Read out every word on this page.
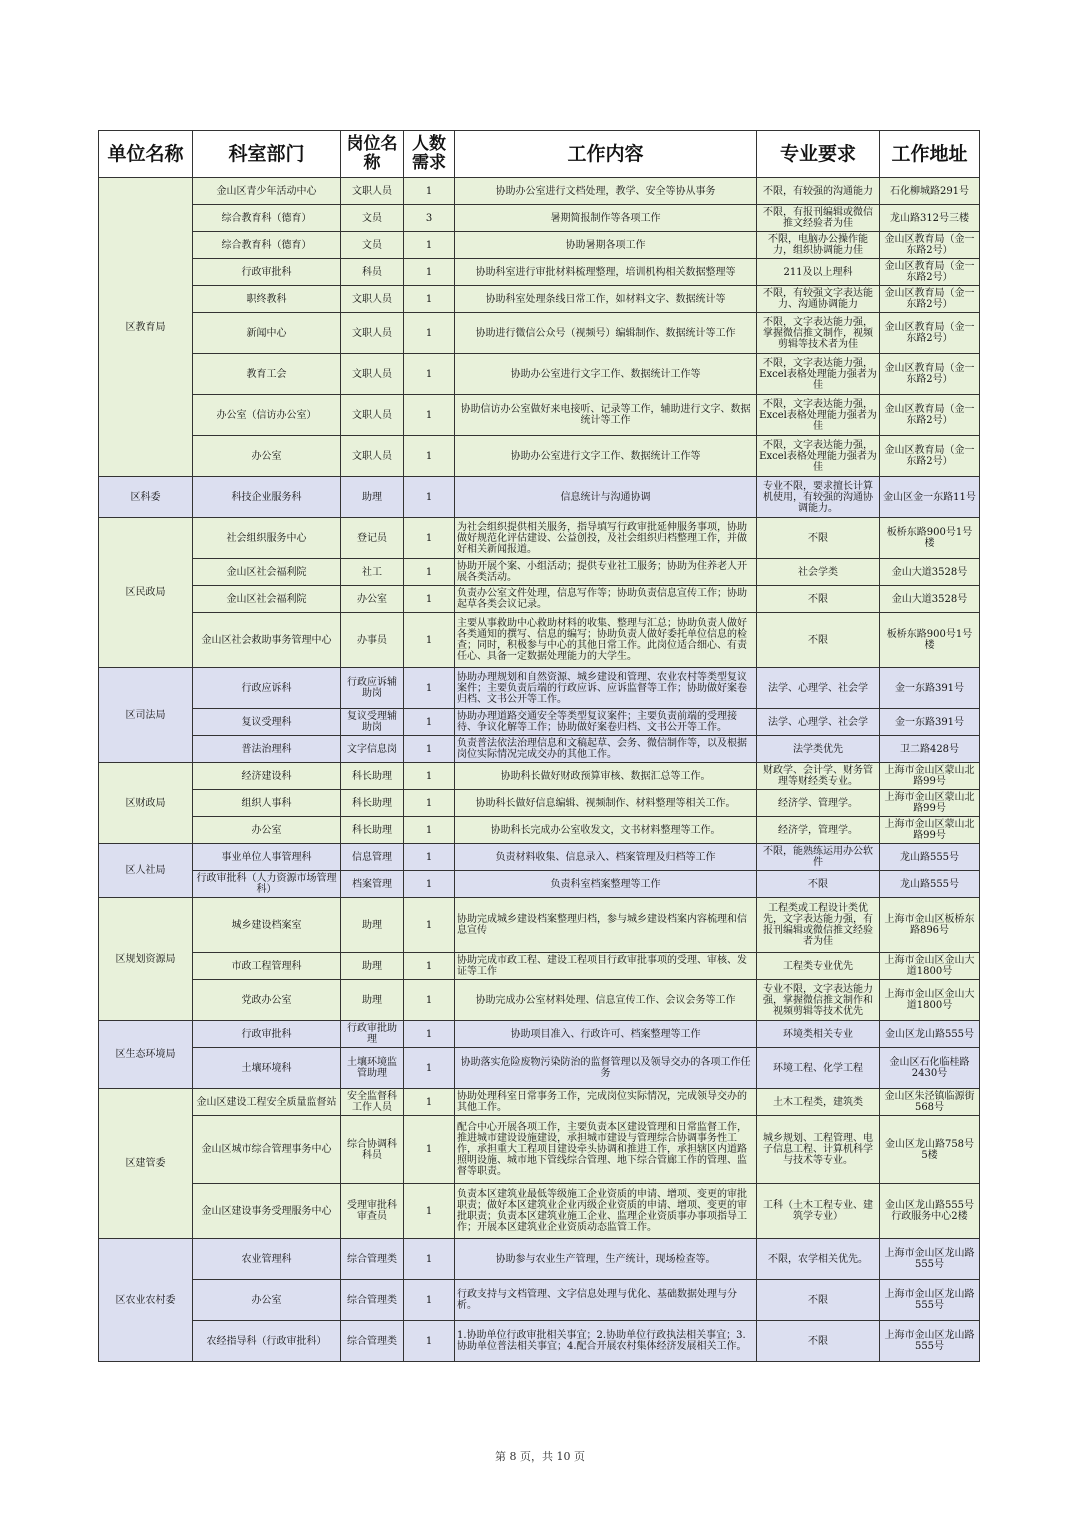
单位名称	科室部门	岗位名称	人数需求	工作内容	专业要求	工作地址
区教育局	金山区青少年活动中心	文职人员	1	协助办公室进行文档处理，教学、安全等协从事务	不限，有较强的沟通能力	石化柳城路291号
	综合教育科（德育）	文员	3	暑期简报制作等各项工作	不限，有报刊编辑或微信推文经验者为佳	龙山路312号三楼
	综合教育科（德育）	文员	1	协助暑期各项工作	不限，电脑办公操作能力，组织协调能力佳	金山区教育局（金一东路2号）
	行政审批科	科员	1	协助科室进行审批材料梳理整理，培训机构相关数据整理等	211及以上理科	金山区教育局（金一东路2号）
	职终教科	文职人员	1	协助科室处理条线日常工作，如材料文字、数据统计等	不限，有较强文字表达能力、沟通协调能力	金山区教育局（金一东路2号）
	新闻中心	文职人员	1	协助进行微信公众号（视频号）编辑制作、数据统计等工作	不限，文字表达能力强，掌握微信推文制作，视频剪辑等技术者为佳	金山区教育局（金一东路2号）
	教育工会	文职人员	1	协助办公室进行文字工作、数据统计工作等	不限，文字表达能力强，Excel表格处理能力强者为佳	金山区教育局（金一东路2号）
	办公室（信访办公室）	文职人员	1	协助信访办公室做好来电接听、记录等工作，辅助进行文字、数据统计等工作	不限，文字表达能力强，Excel表格处理能力强者为佳	金山区教育局（金一东路2号）
	办公室	文职人员	1	协助办公室进行文字工作、数据统计工作等	不限，文字表达能力强，Excel表格处理能力强者为佳	金山区教育局（金一东路2号）
区科委	科技企业服务科	助理	1	信息统计与沟通协调	专业不限，要求擅长计算机使用，有较强的沟通协调能力。	金山区金一东路11号
区民政局	社会组织服务中心	登记员	1	为社会组织提供相关服务，指导填写行政审批延伸服务事项，协助做好规范化评估建设、公益创投，及社会组织归档整理工作，并做好相关新闻报道。	不限	板桥东路900号1号楼
	金山区社会福利院	社工	1	协助开展个案、小组活动；提供专业社工服务；协助为住养老人开展各类活动。	社会学类	金山大道3528号
	金山区社会福利院	办公室	1	负责办公室文件处理，信息写作等；协助负责信息宣传工作；协助起草各类会议记录。	不限	金山大道3528号
	金山区社会救助事务管理中心	办事员	1	主要从事救助中心救助材料的收集、整理与汇总；协助负责人做好各类通知的撰写、信息的编写；协助负责人做好委托单位信息的检查；同时，积极参与中心的其他日常工作。此岗位适合细心、有责任心、具备一定数据处理能力的大学生。	不限	板桥东路900号1号楼
区司法局	行政应诉科	行政应诉辅助岗	1	协助办理规划和自然资源、城乡建设和管理、农业农村等类型复议案件；主要负责后端的行政应诉、应诉监督等工作；协助做好案卷归档、文书公开等工作。	法学、心理学、社会学	金一东路391号
	复议受理科	复议受理辅助岗	1	协助办理道路交通安全等类型复议案件；主要负责前端的受理接待、争议化解等工作；协助做好案卷归档、文书公开等工作。	法学、心理学、社会学	金一东路391号
	普法治理科	文字信息岗	1	负责普法依法治理信息和文稿起草、会务、微信制作等，以及根据岗位实际情况完成交办的其他工作。	法学类优先	卫二路428号
区财政局	经济建设科	科长助理	1	协助科长做好财政预算审核、数据汇总等工作。	财政学、会计学、财务管理等财经类专业。	上海市金山区蒙山北路99号
	组织人事科	科长助理	1	协助科长做好信息编辑、视频制作、材料整理等相关工作。	经济学、管理学。	上海市金山区蒙山北路99号
	办公室	科长助理	1	协助科长完成办公室收发文，文书材料整理等工作。	经济学，管理学。	上海市金山区蒙山北路99号
区人社局	事业单位人事管理科	信息管理	1	负责材料收集、信息录入、档案管理及归档等工作	不限，能熟练运用办公软件	龙山路555号
	行政审批科（人力资源市场管理科）	档案管理	1	负责科室档案整理等工作	不限	龙山路555号
区规划资源局	城乡建设档案室	助理	1	协助完成城乡建设档案整理归档，参与城乡建设档案内容梳理和信息宣传	工程类或工程设计类优先，文字表达能力强，有报刊编辑或微信推文经验者为佳	上海市金山区板桥东路896号
	市政工程管理科	助理	1	协助完成市政工程、建设工程项目行政审批事项的受理、审核、发证等工作	工程类专业优先	上海市金山区金山大道1800号
	党政办公室	助理	1	协助完成办公室材料处理、信息宣传工作、会议会务等工作	专业不限，文字表达能力强，掌握微信推文制作和视频剪辑等技术优先	上海市金山区金山大道1800号
区生态环境局	行政审批科	行政审批助理	1	协助项目准入、行政许可、档案整理等工作	环境类相关专业	金山区龙山路555号
	土壤环境科	土壤环境监管助理	1	协助落实危险废物污染防治的监督管理以及领导交办的各项工作任务	环境工程、化学工程	金山区石化临桂路2430号
区建管委	金山区建设工程安全质量监督站	安全监督科工作人员	1	协助处理科室日常事务工作，完成岗位实际情况，完成领导交办的其他工作。	土木工程类，建筑类	金山区朱泾镇临源街568号
	金山区城市综合管理事务中心	综合协调科科员	1	配合中心开展各项工作，主要负责本区建设管理和日常监督工作，推进城市建设设施建设，承担城市建设与管理综合协调事务性工作，承担重大工程项目建设牵头协调和推进工作，承担辖区内道路照明设施、城市地下管线综合管理、地下综合管廊工作的管理、监督等职责。	城乡规划、工程管理、电子信息工程、计算机科学与技术等专业。	金山区龙山路758号5楼
	金山区建设事务受理服务中心	受理审批科审查员	1	负责本区建筑业最低等级施工企业资质的申请、增项、变更的审批职责；做好本区建筑业企业丙级企业资质的申请、增项、变更的审批职责；负责本区建筑业施工企业、监理企业资质事办事项指导工作；开展本区建筑业企业资质动态监管工作。	工科（土木工程专业、建筑学专业）	金山区龙山路555号行政服务中心2楼
区农业农村委	农业管理科	综合管理类	1	协助参与农业生产管理，生产统计，现场检查等。	不限，农学相关优先。	上海市金山区龙山路555号
	办公室	综合管理类	1	行政支持与文档管理、文字信息处理与优化、基础数据处理与分析。	不限	上海市金山区龙山路555号
	农经指导科（行政审批科）	综合管理类	1	1.协助单位行政审批相关事宜；2.协助单位行政执法相关事宜；3.协助单位普法相关事宜；4.配合开展农村集体经济发展相关工作。	不限	上海市金山区龙山路555号
第 8 页，共 10 页
